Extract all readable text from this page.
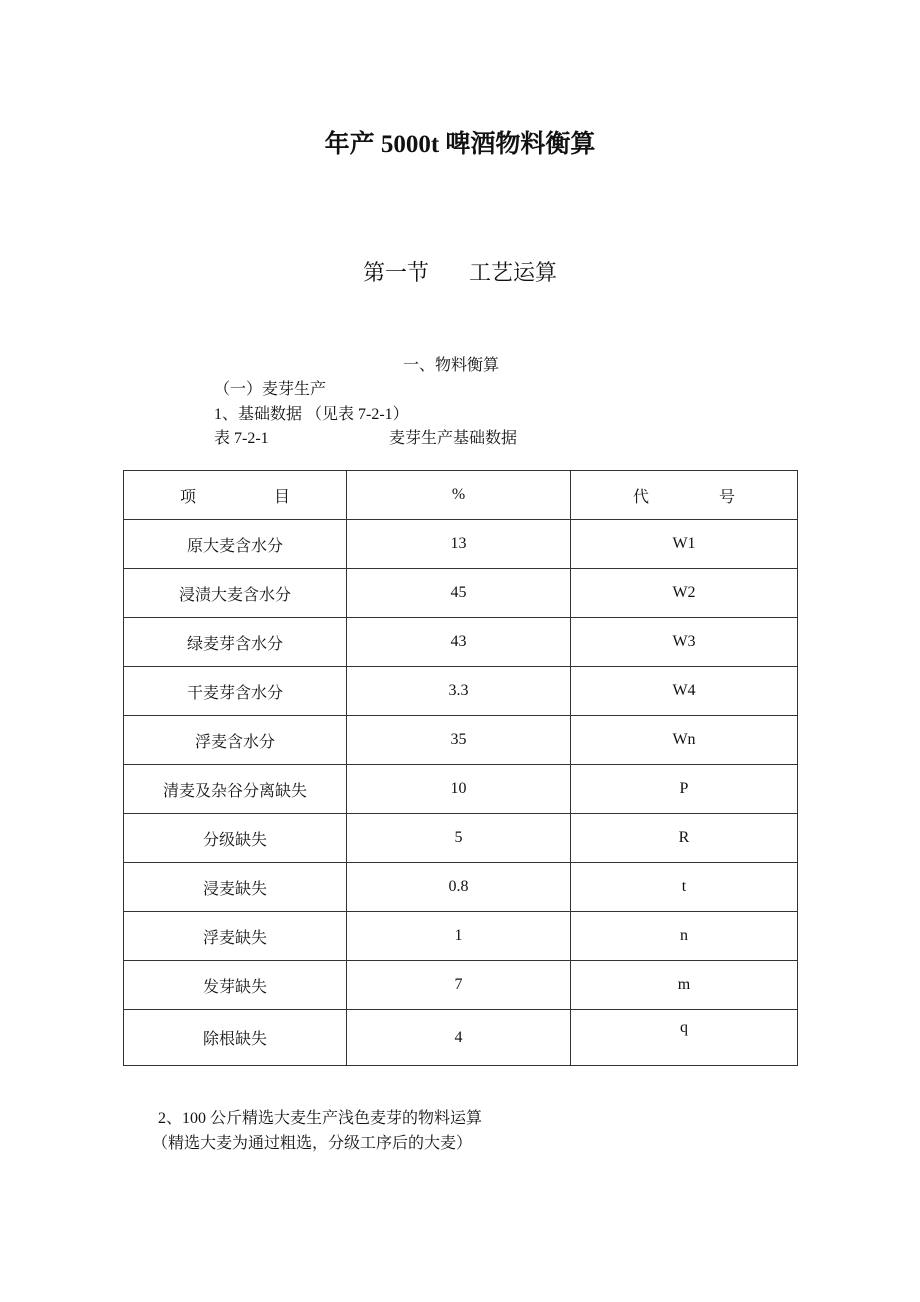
年产 5000t 啤酒物料衡算
第一节 工艺运算
一、物料衡算
（一）麦芽生产
1、基础数据 （见表 7-2-1）
表 7-2-1	麦芽生产基础数据
项 目	%	代 号

原大麦含水分	13	W1
浸渍大麦含水分	45	W2
绿麦芽含水分	43	W3
干麦芽含水分	3.3	W4
浮麦含水分	35	Wn
清麦及杂谷分离缺失	10	P
分级缺失	5	R
浸麦缺失	0.8	t
浮麦缺失	1	n
发芽缺失	7	m
除根缺失	4	q
2、100 公斤精选大麦生产浅色麦芽的物料运算
（精选大麦为通过粗选，分级工序后的大麦）
